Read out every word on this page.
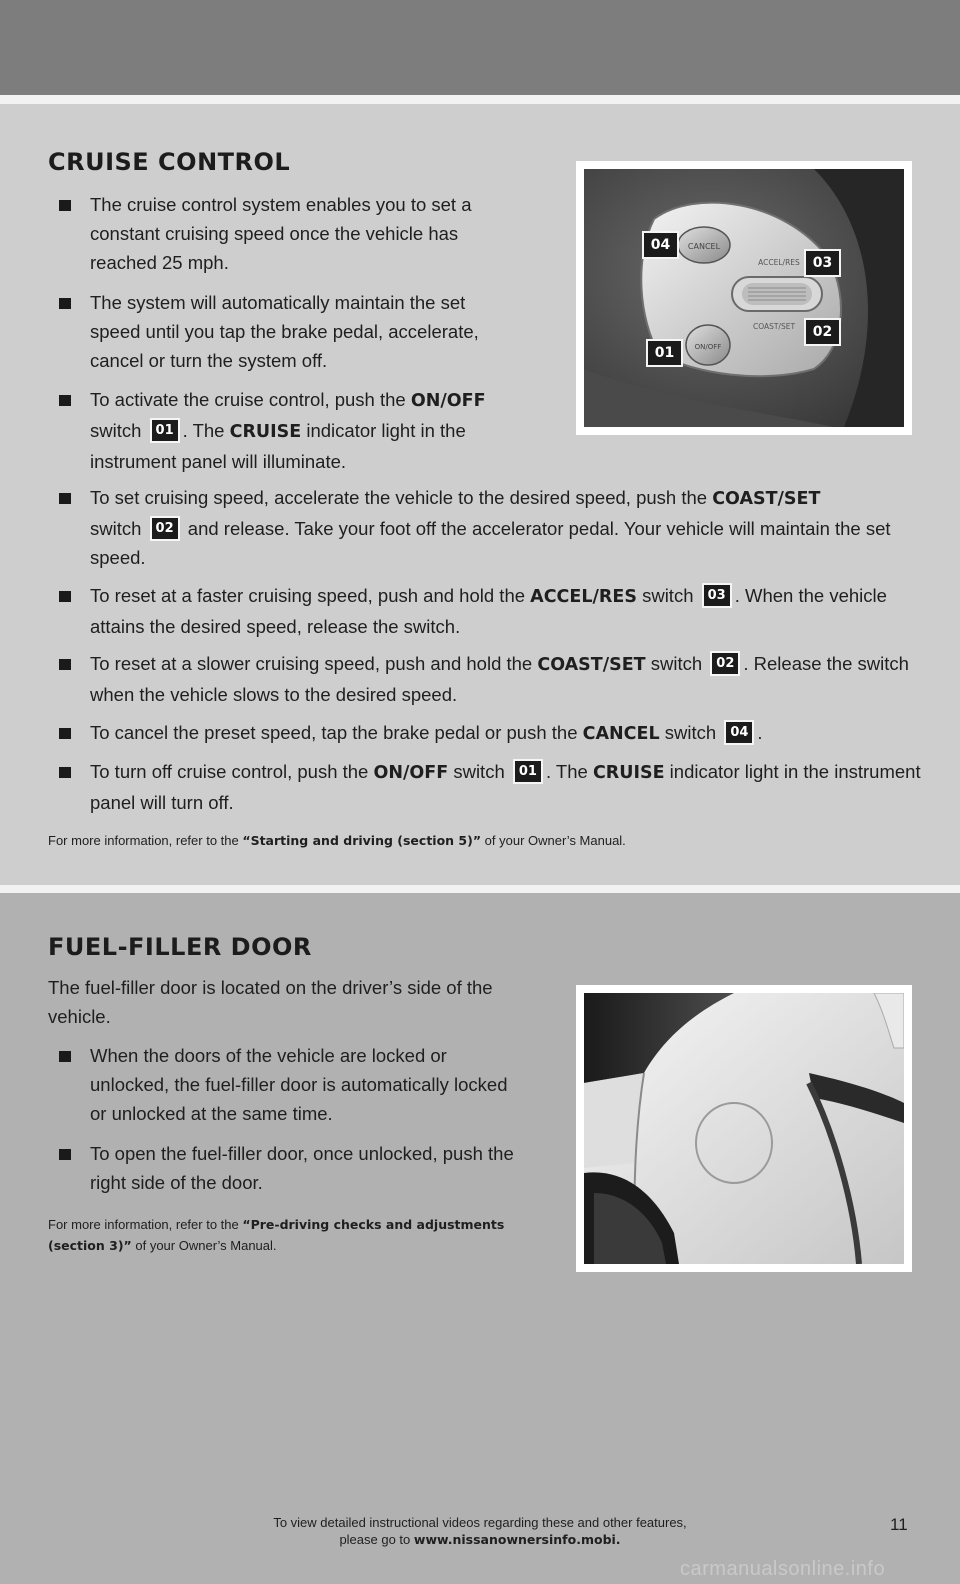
CRUISE CONTROL
The cruise control system enables you to set a constant cruising speed once the vehicle has reached 25 mph.
The system will automatically maintain the set speed until you tap the brake pedal, accelerate, cancel or turn the system off.
To activate the cruise control, push the ON/OFF
switch 01 . The CRUISE indicator light in the instrument panel will illuminate.
To set cruising speed, accelerate the vehicle to the desired speed, push the COAST/SET
switch 02 and release. Take your foot off the accelerator pedal. Your vehicle will maintain the set speed.
To reset at a faster cruising speed, push and hold the ACCEL/RES switch 03 . When the vehicle attains the desired speed, release the switch.
To reset at a slower cruising speed, push and hold the COAST/SET switch 02 . Release the switch when the vehicle slows to the desired speed.
To cancel the preset speed, tap the brake pedal or push the CANCEL switch 04 .
To turn off cruise control, push the ON/OFF switch 01 . The CRUISE indicator light in the instrument panel will turn off.
For more information, refer to the “Starting and driving (section 5)” of your Owner’s Manual.
CANCEL
ACCEL/RES
COAST/SET
ON/OFF
04
03
02
01
FUEL-FILLER DOOR
The fuel-filler door is located on the driver’s side of the vehicle.
When the doors of the vehicle are locked or unlocked, the fuel-filler door is automatically locked or unlocked at the same time.
To open the fuel-filler door, once unlocked, push the right side of the door.
For more information, refer to the “Pre-driving checks and adjustments (section 3)” of your Owner’s Manual.
To view detailed instructional videos regarding these and other features,
please go to www.nissanownersinfo.mobi.
11
carmanualsonline.info
